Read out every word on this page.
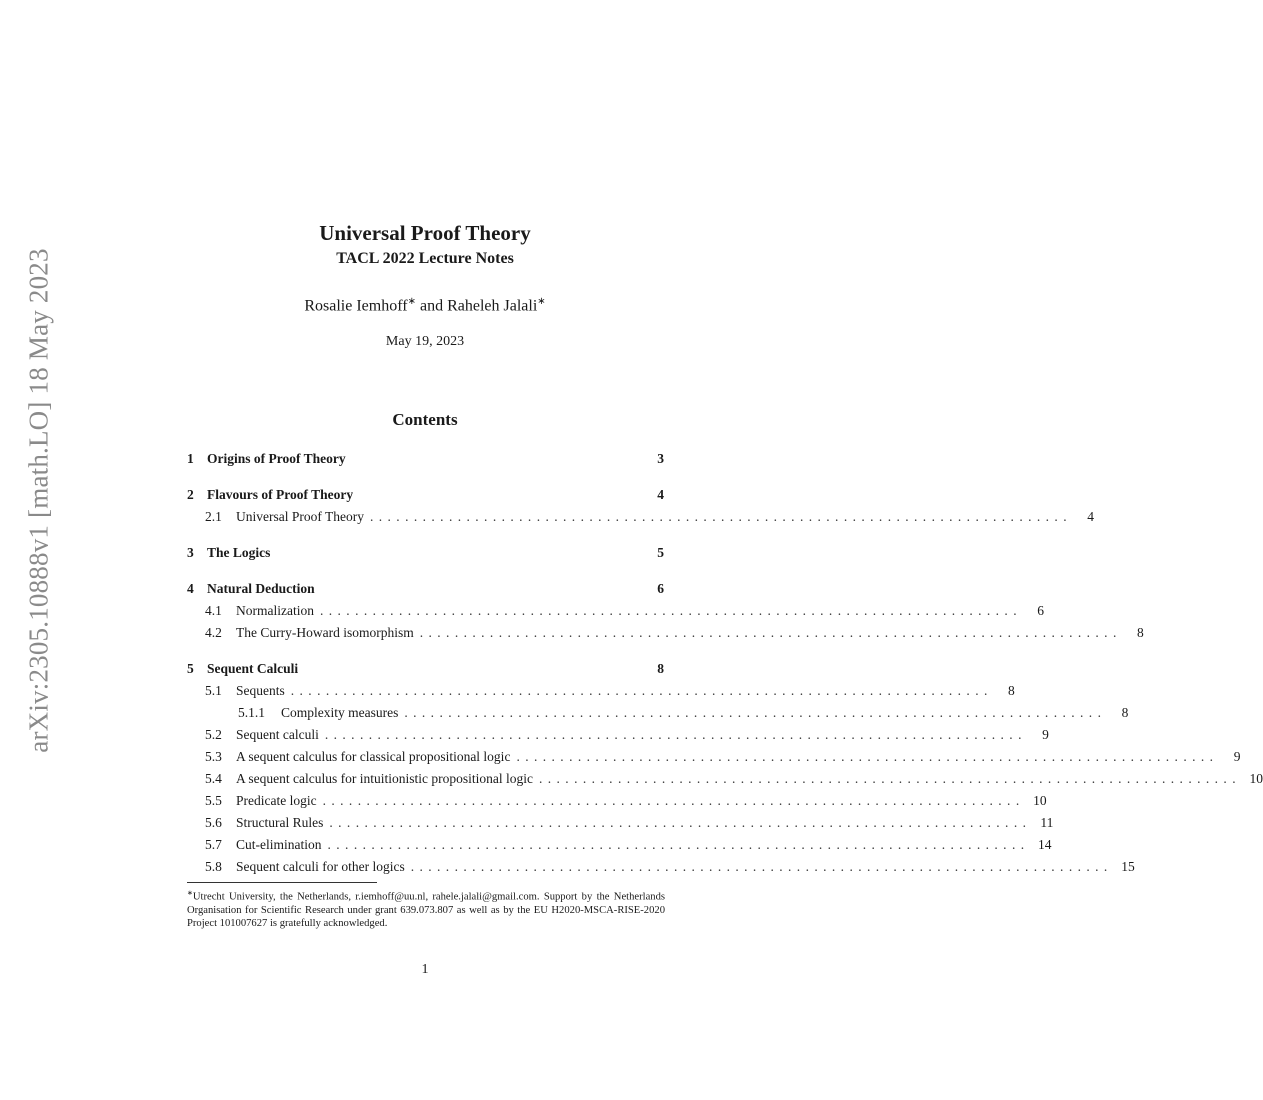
arXiv:2305.10888v1 [math.LO] 18 May 2023
Universal Proof Theory
TACL 2022 Lecture Notes
Rosalie Iemhoff∗ and Raheleh Jalali∗
May 19, 2023
Contents
1 Origins of Proof Theory	3
2 Flavours of Proof Theory	4
2.1	Universal Proof Theory ................................................................................	4
3 The Logics	5
4 Natural Deduction	6
4.1	Normalization ................................................................................	6
4.2	The Curry-Howard isomorphism ................................................................................	8
5 Sequent Calculi	8
5.1	Sequents ................................................................................	8
5.1.1	Complexity measures ................................................................................	8
5.2	Sequent calculi ................................................................................	9
5.3	A sequent calculus for classical propositional logic ................................................................................	9
5.4	A sequent calculus for intuitionistic propositional logic ................................................................................ 10
5.5	Predicate logic ................................................................................ 10
5.6	Structural Rules ................................................................................ 11
5.7	Cut-elimination ................................................................................ 14
5.8	Sequent calculi for other logics ................................................................................ 15
∗Utrecht University, the Netherlands, r.iemhoff@uu.nl, rahele.jalali@gmail.com. Support by the Netherlands Organisation for Scientific Research under grant 639.073.807 as well as by the EU H2020-MSCA-RISE-2020 Project 101007627 is gratefully acknowledged.
1
